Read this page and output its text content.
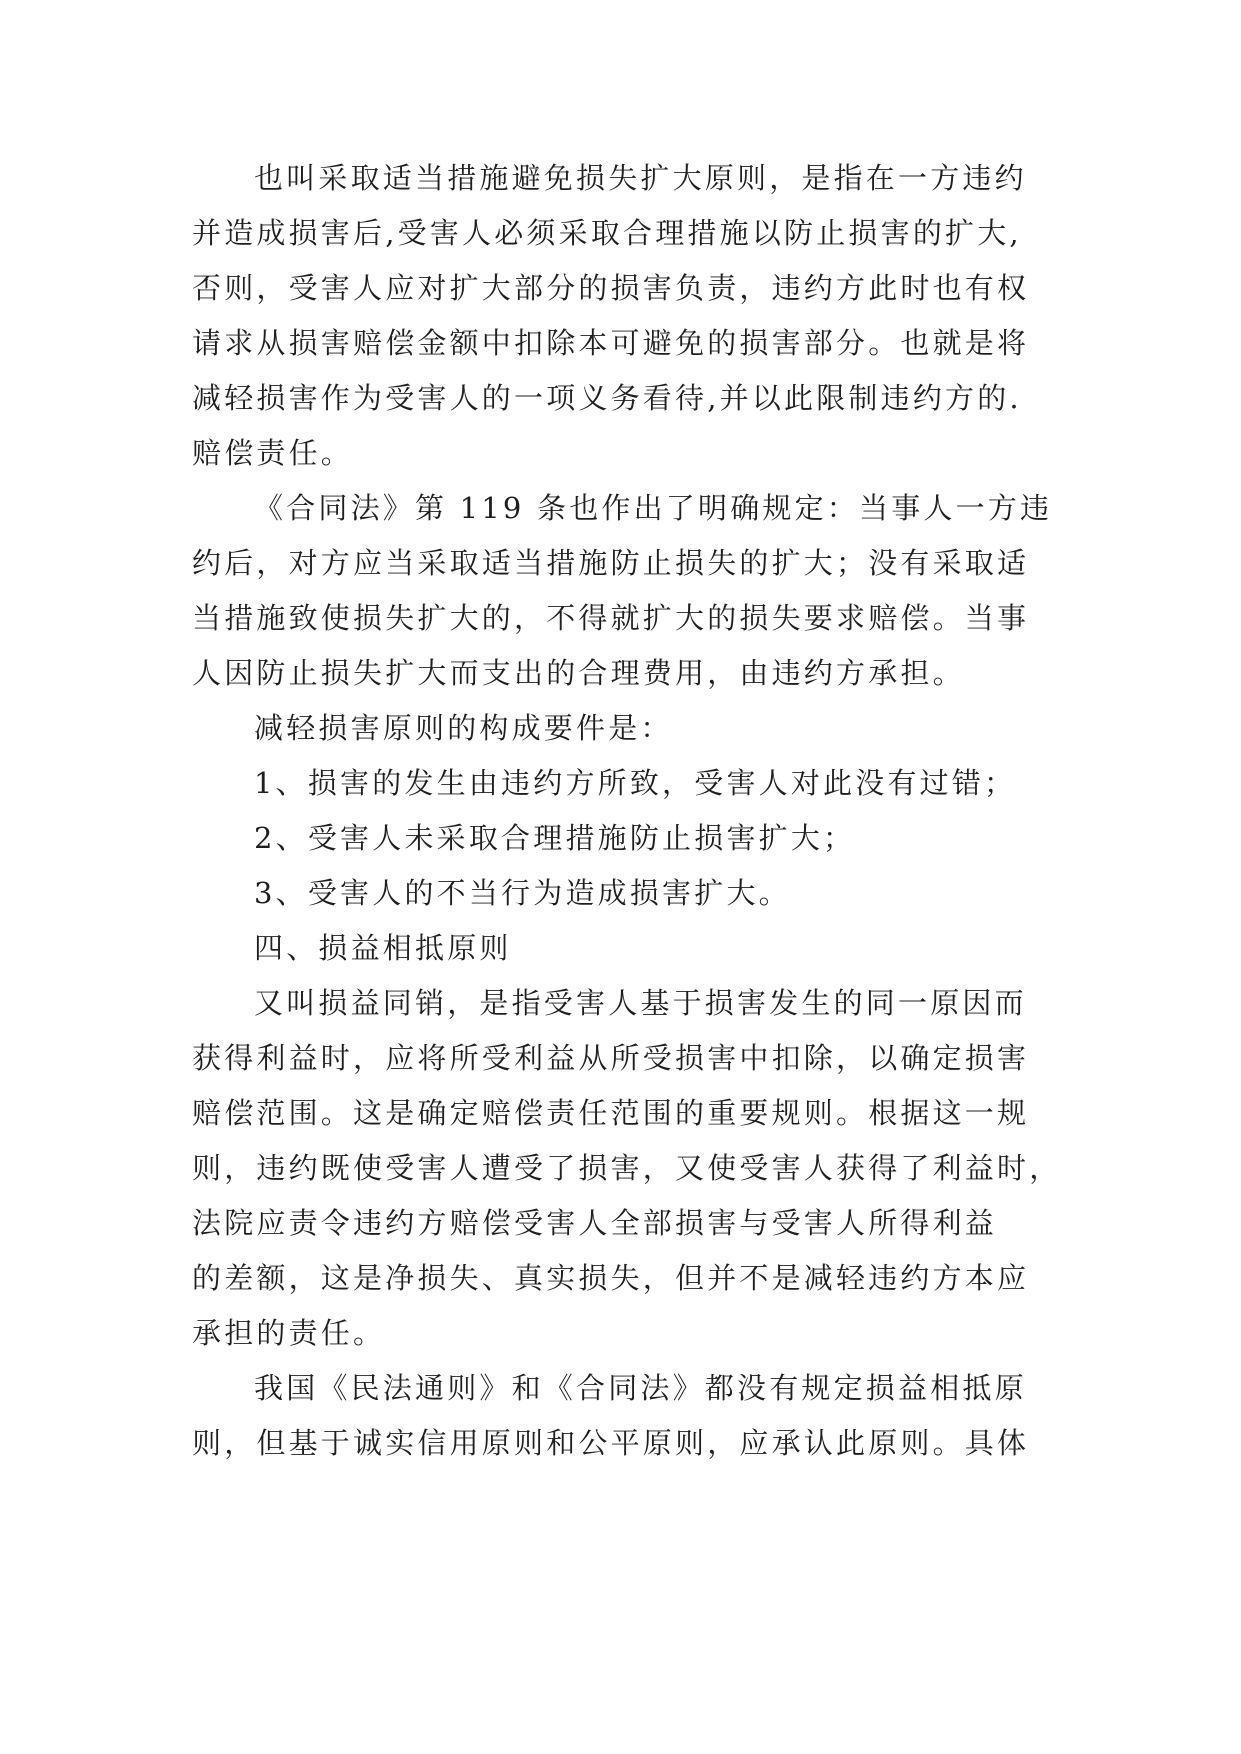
也叫采取适当措施避免损失扩大原则，是指在一方违约

并造成损害后,受害人必须采取合理措施以防止损害的扩大,

否则，受害人应对扩大部分的损害负责，违约方此时也有权

请求从损害赔偿金额中扣除本可避免的损害部分。也就是将

减轻损害作为受害人的一项义务看待,并以此限制违约方的.

赔偿责任。

《合同法》第 119 条也作出了明确规定：当事人一方违

约后，对方应当采取适当措施防止损失的扩大；没有采取适

当措施致使损失扩大的，不得就扩大的损失要求赔偿。当事

人因防止损失扩大而支出的合理费用，由违约方承担。

减轻损害原则的构成要件是：

1、损害的发生由违约方所致，受害人对此没有过错；

2、受害人未采取合理措施防止损害扩大；

3、受害人的不当行为造成损害扩大。

四、损益相抵原则

又叫损益同销，是指受害人基于损害发生的同一原因而

获得利益时，应将所受利益从所受损害中扣除，以确定损害

赔偿范围。这是确定赔偿责任范围的重要规则。根据这一规

则，违约既使受害人遭受了损害，又使受害人获得了利益时，

法院应责令违约方赔偿受害人全部损害与受害人所得利益

的差额，这是净损失、真实损失，但并不是减轻违约方本应

承担的责任。

我国《民法通则》和《合同法》都没有规定损益相抵原

则，但基于诚实信用原则和公平原则，应承认此原则。具体
